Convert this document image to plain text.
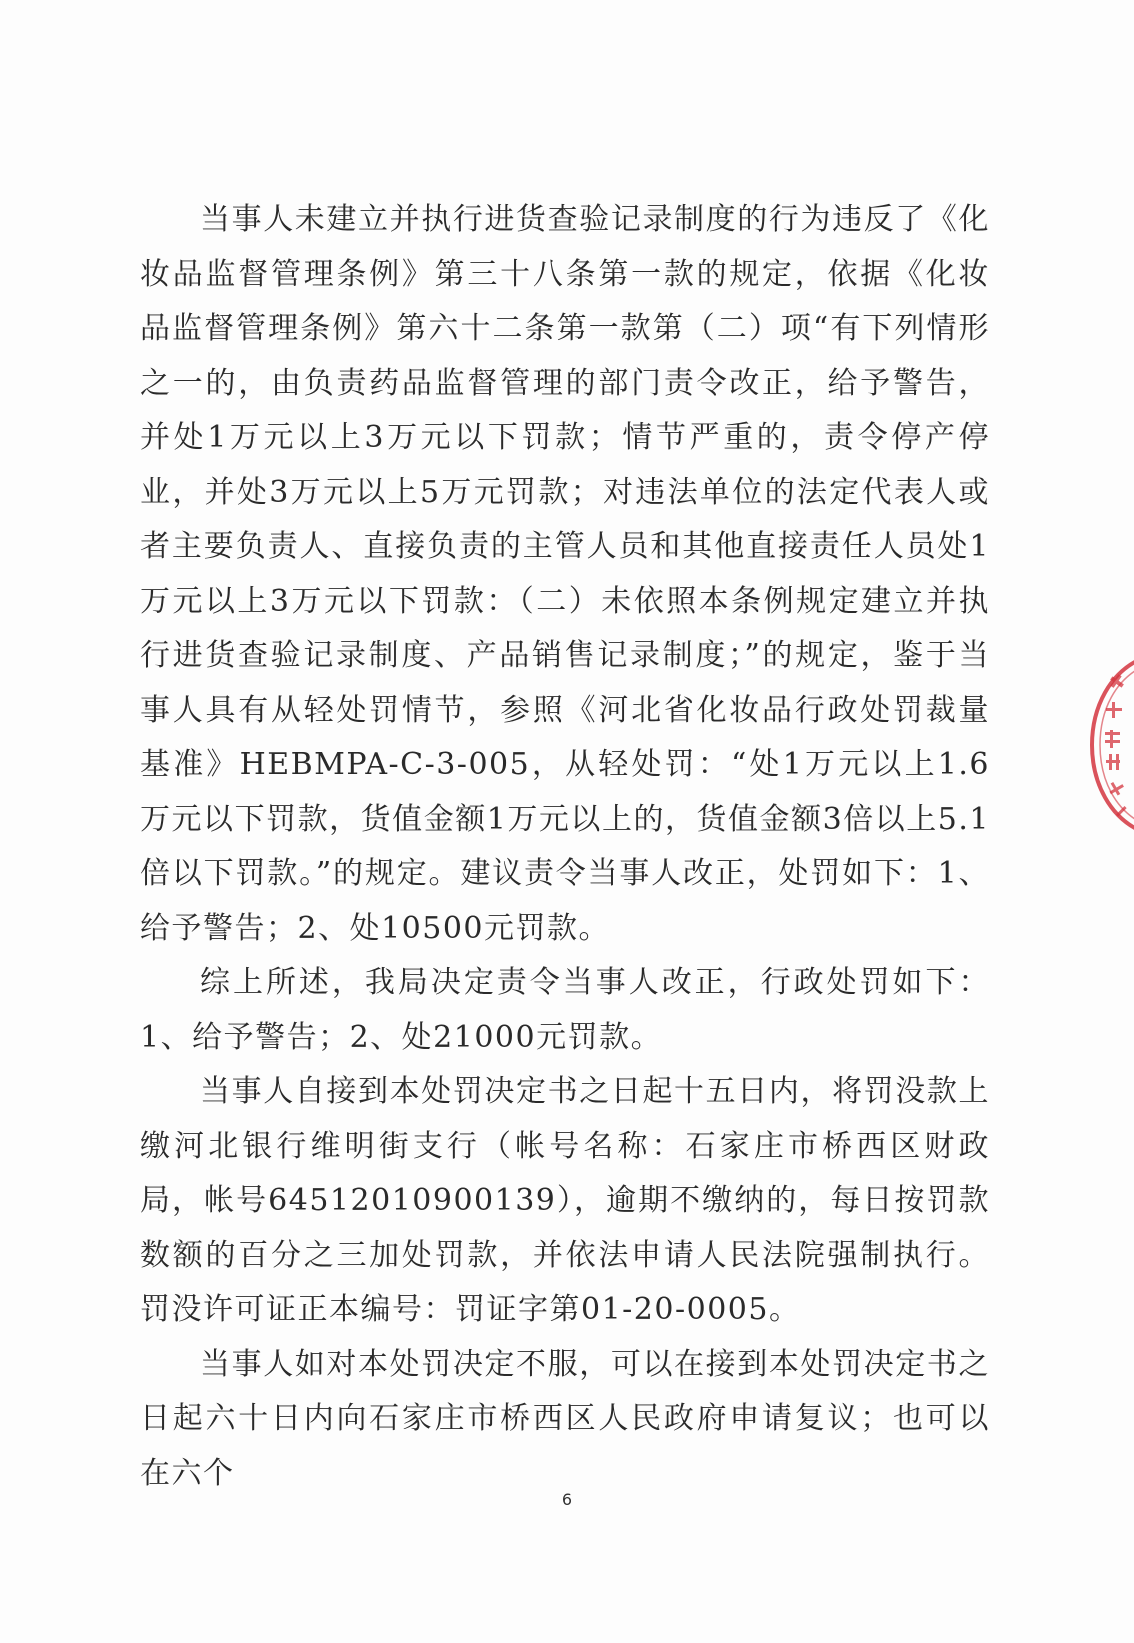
当事人未建立并执行进货查验记录制度的行为违反了《化妆品监督管理条例》第三十八条第一款的规定，依据《化妆品监督管理条例》第六十二条第一款第（二）项“有下列情形之一的，由负责药品监督管理的部门责令改正，给予警告，并处1万元以上3万元以下罚款；情节严重的，责令停产停业，并处3万元以上5万元罚款；对违法单位的法定代表人或者主要负责人、直接负责的主管人员和其他直接责任人员处1万元以上3万元以下罚款：（二）未依照本条例规定建立并执行进货查验记录制度、产品销售记录制度；”的规定，鉴于当事人具有从轻处罚情节，参照《河北省化妆品行政处罚裁量基准》HEBMPA-C-3-005，从轻处罚：“处1万元以上1.6万元以下罚款，货值金额1万元以上的，货值金额3倍以上5.1倍以下罚款。”的规定。建议责令当事人改正，处罚如下：1、给予警告；2、处10500元罚款。

综上所述，我局决定责令当事人改正，行政处罚如下：1、给予警告；2、处21000元罚款。

当事人自接到本处罚决定书之日起十五日内，将罚没款上缴河北银行维明街支行（帐号名称：石家庄市桥西区财政局，帐号64512010900139），逾期不缴纳的，每日按罚款数额的百分之三加处罚款，并依法申请人民法院强制执行。罚没许可证正本编号：罚证字第01-20-0005。

当事人如对本处罚决定不服，可以在接到本处罚决定书之日起六十日内向石家庄市桥西区人民政府申请复议；也可以在六个

6
